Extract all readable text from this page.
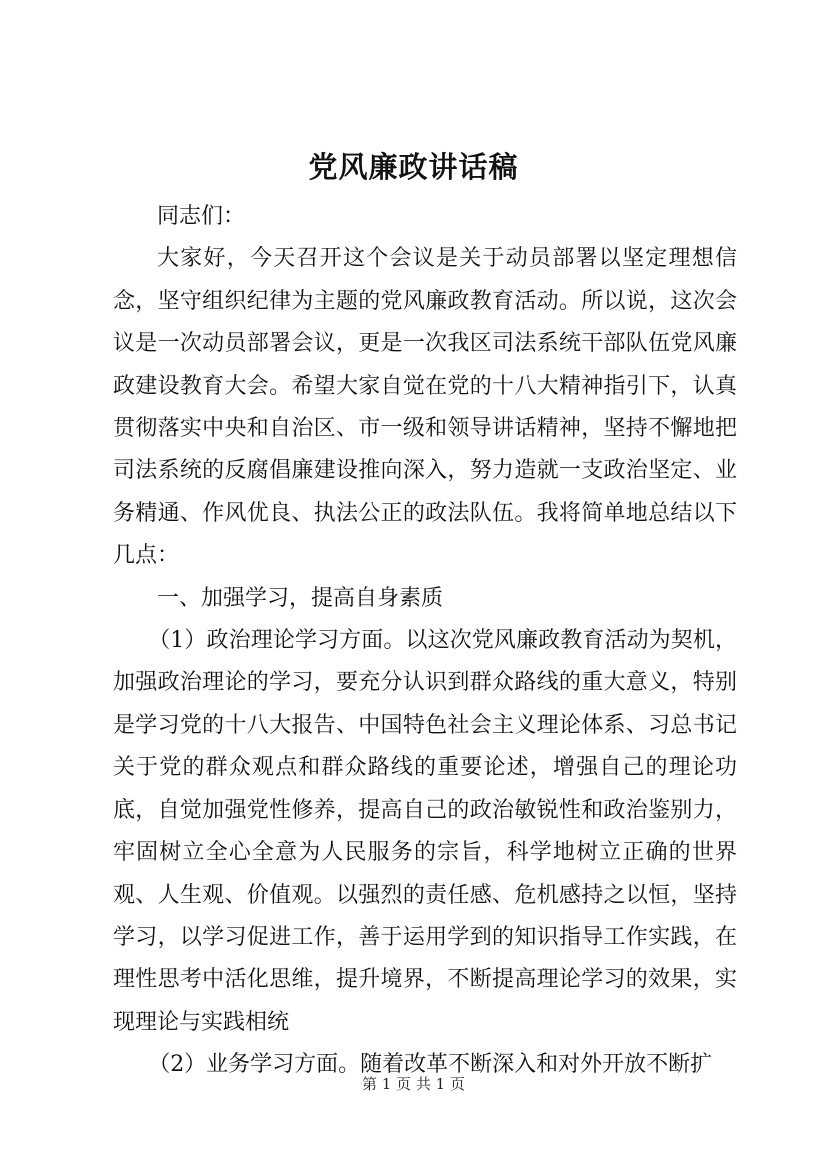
党风廉政讲话稿

同志们：

大家好，今天召开这个会议是关于动员部署以坚定理想信念，坚守组织纪律为主题的党风廉政教育活动。所以说，这次会议是一次动员部署会议，更是一次我区司法系统干部队伍党风廉政建设教育大会。希望大家自觉在党的十八大精神指引下，认真贯彻落实中央和自治区、市一级和领导讲话精神，坚持不懈地把司法系统的反腐倡廉建设推向深入，努力造就一支政治坚定、业务精通、作风优良、执法公正的政法队伍。我将简单地总结以下几点：

一、加强学习，提高自身素质

（1）政治理论学习方面。以这次党风廉政教育活动为契机，加强政治理论的学习，要充分认识到群众路线的重大意义，特别是学习党的十八大报告、中国特色社会主义理论体系、习总书记关于党的群众观点和群众路线的重要论述，增强自己的理论功底，自觉加强党性修养，提高自己的政治敏锐性和政治鉴别力，牢固树立全心全意为人民服务的宗旨，科学地树立正确的世界观、人生观、价值观。以强烈的责任感、危机感持之以恒，坚持学习，以学习促进工作，善于运用学到的知识指导工作实践，在理性思考中活化思维，提升境界，不断提高理论学习的效果，实现理论与实践相统

（2）业务学习方面。随着改革不断深入和对外开放不断扩

第 1 页 共 1 页
